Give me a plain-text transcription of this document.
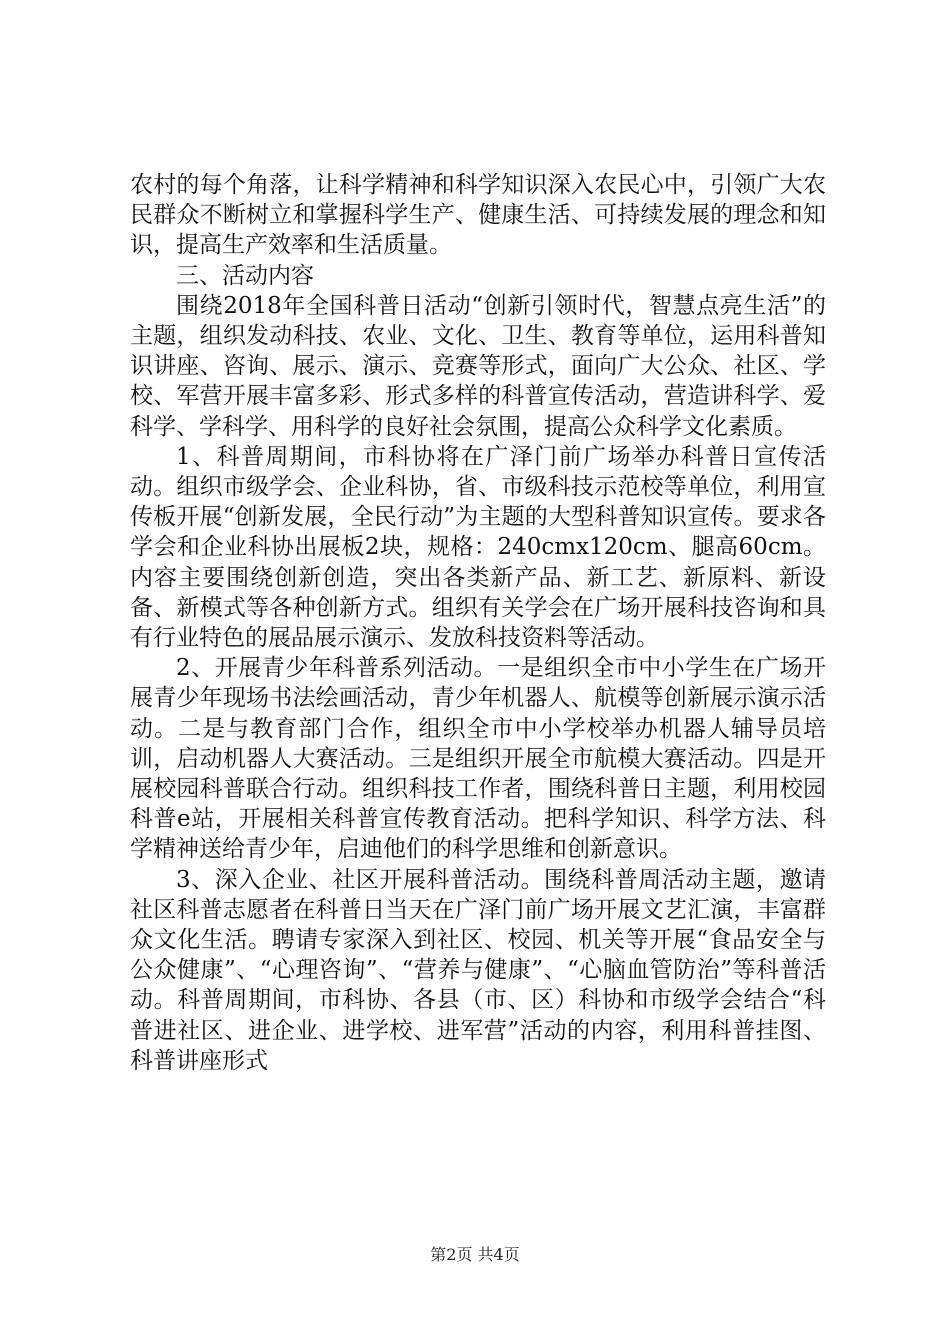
农村的每个角落，让科学精神和科学知识深入农民心中，引领广大农民群众不断树立和掌握科学生产、健康生活、可持续发展的理念和知识，提高生产效率和生活质量。

三、活动内容

围绕2018年全国科普日活动“创新引领时代，智慧点亮生活”的主题，组织发动科技、农业、文化、卫生、教育等单位，运用科普知识讲座、咨询、展示、演示、竞赛等形式，面向广大公众、社区、学校、军营开展丰富多彩、形式多样的科普宣传活动，营造讲科学、爱科学、学科学、用科学的良好社会氛围，提高公众科学文化素质。

1、科普周期间，市科协将在广泽门前广场举办科普日宣传活动。组织市级学会、企业科协，省、市级科技示范校等单位，利用宣传板开展“创新发展，全民行动”为主题的大型科普知识宣传。要求各学会和企业科协出展板2块，规格：240cmx120cm、腿高60cm。内容主要围绕创新创造，突出各类新产品、新工艺、新原料、新设备、新模式等各种创新方式。组织有关学会在广场开展科技咨询和具有行业特色的展品展示演示、发放科技资料等活动。

2、开展青少年科普系列活动。一是组织全市中小学生在广场开展青少年现场书法绘画活动，青少年机器人、航模等创新展示演示活动。二是与教育部门合作，组织全市中小学校举办机器人辅导员培训，启动机器人大赛活动。三是组织开展全市航模大赛活动。四是开展校园科普联合行动。组织科技工作者，围绕科普日主题，利用校园科普e站，开展相关科普宣传教育活动。把科学知识、科学方法、科学精神送给青少年，启迪他们的科学思维和创新意识。

3、深入企业、社区开展科普活动。围绕科普周活动主题，邀请社区科普志愿者在科普日当天在广泽门前广场开展文艺汇演，丰富群众文化生活。聘请专家深入到社区、校园、机关等开展“食品安全与公众健康”、“心理咨询”、“营养与健康”、“心脑血管防治”等科普活动。科普周期间，市科协、各县（市、区）科协和市级学会结合“科普进社区、进企业、进学校、进军营”活动的内容，利用科普挂图、科普讲座形式

第2页 共4页
